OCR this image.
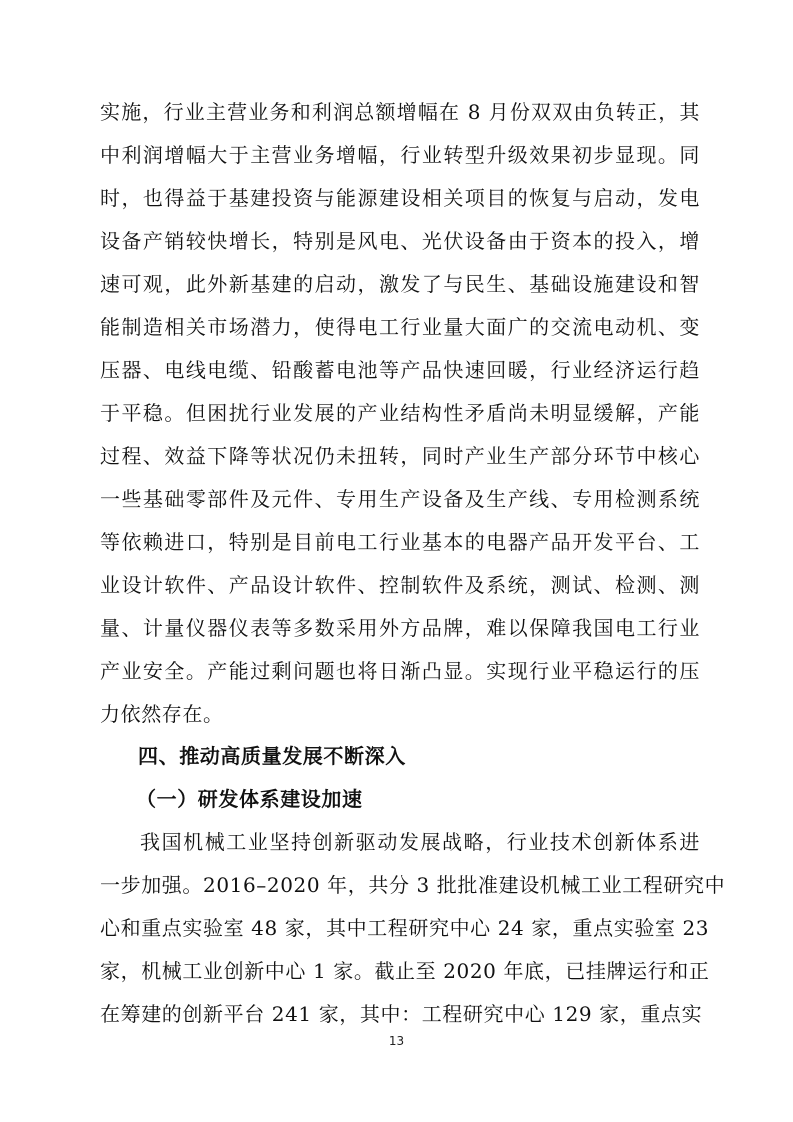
实施，行业主营业务和利润总额增幅在 8 月份双双由负转正，其
中利润增幅大于主营业务增幅，行业转型升级效果初步显现。同
时，也得益于基建投资与能源建设相关项目的恢复与启动，发电
设备产销较快增长，特别是风电、光伏设备由于资本的投入，增
速可观，此外新基建的启动，激发了与民生、基础设施建设和智
能制造相关市场潜力，使得电工行业量大面广的交流电动机、变
压器、电线电缆、铅酸蓄电池等产品快速回暖，行业经济运行趋
于平稳。但困扰行业发展的产业结构性矛盾尚未明显缓解，产能
过程、效益下降等状况仍未扭转，同时产业生产部分环节中核心
一些基础零部件及元件、专用生产设备及生产线、专用检测系统
等依赖进口，特别是目前电工行业基本的电器产品开发平台、工
业设计软件、产品设计软件、控制软件及系统，测试、检测、测
量、计量仪器仪表等多数采用外方品牌，难以保障我国电工行业
产业安全。产能过剩问题也将日渐凸显。实现行业平稳运行的压
力依然存在。
四、推动高质量发展不断深入
（一）研发体系建设加速
我国机械工业坚持创新驱动发展战略，行业技术创新体系进
一步加强。2016–2020 年，共分 3 批批准建设机械工业工程研究中
心和重点实验室 48 家，其中工程研究中心 24 家，重点实验室 23
家，机械工业创新中心 1 家。截止至 2020 年底，已挂牌运行和正
在筹建的创新平台 241 家，其中：工程研究中心 129 家，重点实
13
